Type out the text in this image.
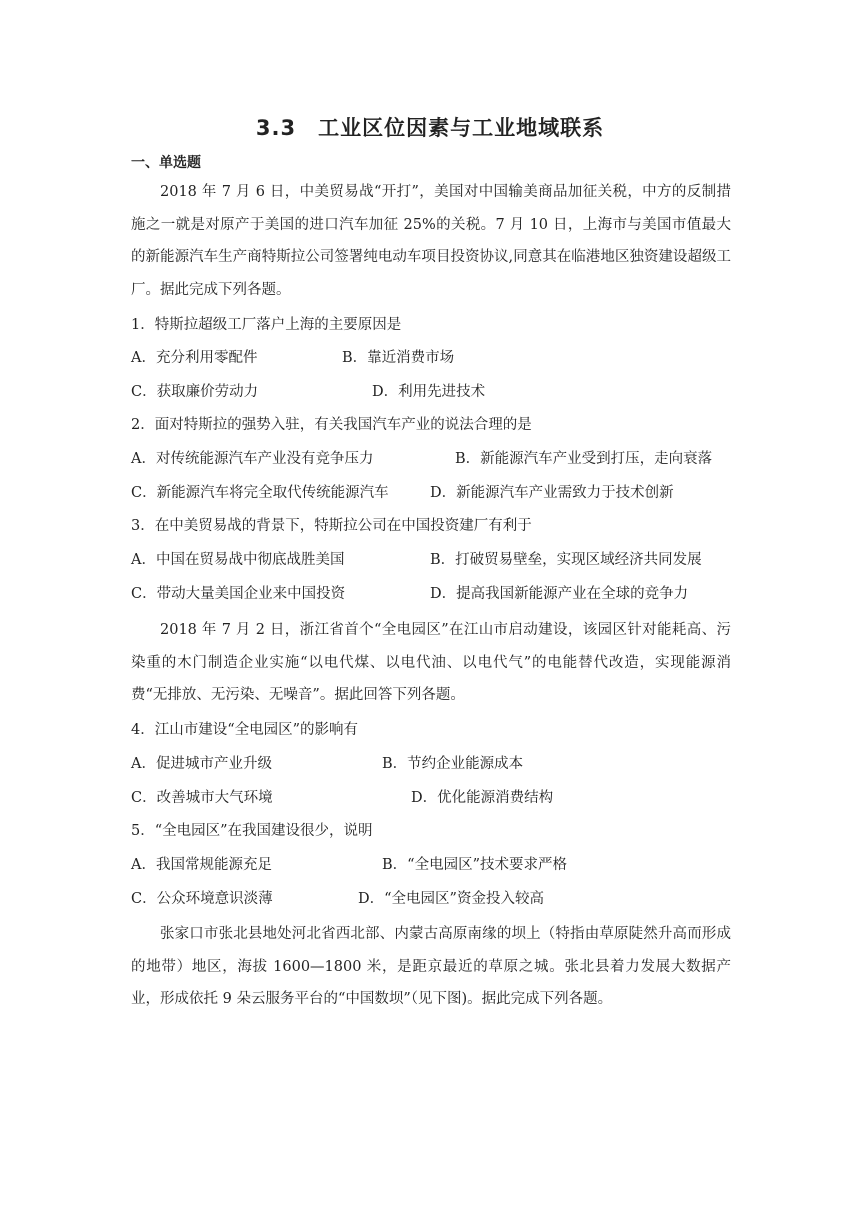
3.3　工业区位因素与工业地域联系
一、单选题
2018 年 7 月 6 日，中美贸易战“开打”，美国对中国输美商品加征关税，中方的反制措施之一就是对原产于美国的进口汽车加征 25%的关税。7 月 10 日，上海市与美国市值最大的新能源汽车生产商特斯拉公司签署纯电动车项目投资协议,同意其在临港地区独资建设超级工厂。据此完成下列各题。
1．特斯拉超级工厂落户上海的主要原因是
A．充分利用零配件	B．靠近消费市场
C．获取廉价劳动力	D．利用先进技术
2．面对特斯拉的强势入驻，有关我国汽车产业的说法合理的是
A．对传统能源汽车产业没有竞争压力	B．新能源汽车产业受到打压，走向衰落
C．新能源汽车将完全取代传统能源汽车	D．新能源汽车产业需致力于技术创新
3．在中美贸易战的背景下，特斯拉公司在中国投资建厂有利于
A．中国在贸易战中彻底战胜美国	B．打破贸易壁垒，实现区域经济共同发展
C．带动大量美国企业来中国投资	D．提高我国新能源产业在全球的竞争力
2018 年 7 月 2 日，浙江省首个“全电园区”在江山市启动建设，该园区针对能耗高、污染重的木门制造企业实施“以电代煤、以电代油、以电代气”的电能替代改造，实现能源消费“无排放、无污染、无噪音”。据此回答下列各题。
4．江山市建设“全电园区”的影响有
A．促进城市产业升级	B．节约企业能源成本
C．改善城市大气环境	D．优化能源消费结构
5．“全电园区”在我国建设很少，说明
A．我国常规能源充足	B．“全电园区”技术要求严格
C．公众环境意识淡薄	D．“全电园区”资金投入较高
张家口市张北县地处河北省西北部、内蒙古高原南缘的坝上（特指由草原陡然升高而形成的地带）地区，海拔 1600—1800 米，是距京最近的草原之城。张北县着力发展大数据产业，形成依托 9 朵云服务平台的“中国数坝”（见下图)。据此完成下列各题。
